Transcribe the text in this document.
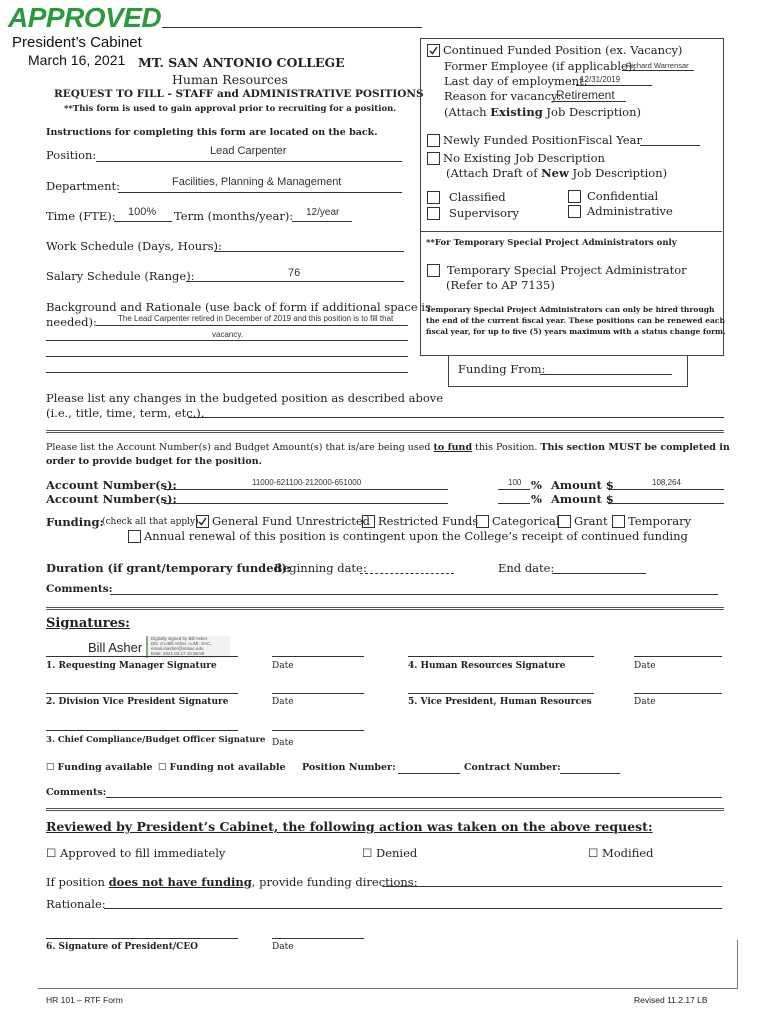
APPROVED
President’s Cabinet
March 16, 2021 MT. SAN ANTONIO COLLEGE
Human Resources
REQUEST TO FILL - STAFF and ADMINISTRATIVE POSITIONS
**This form is used to gain approval prior to recruiting for a position.
Instructions for completing this form are located on the back.
Position:	Lead Carpenter
Department:	Facilities, Planning & Management
Time (FTE): 100% Term (months/year): 12/year
Work Schedule (Days, Hours):
Salary Schedule (Range):	76
Background and Rationale (use back of form if additional space is
needed):	The Lead Carpenter retired in December of 2019 and this position is to fill that
vacancy.
Continued Funded Position (ex. Vacancy)
Former Employee (if applicable):
Richard Warrensar
Last day of employment:
12/31/2019
Reason for vacancy:
Retirement
(Attach Existing Job Description)
Newly Funded Position Fiscal Year
No Existing Job Description
(Attach Draft of New Job Description)
Classified
Supervisory
Confidential
Administrative
**For Temporary Special Project Administrators only
Temporary Special Project Administrator
(Refer to AP 7135)
Temporary Special Project Administrators can only be hired through
the end of the current fiscal year. These positions can be renewed each
fiscal year, for up to five (5) years maximum with a status change form.
Funding From:
Please list any changes in the budgeted position as described above
(i.e., title, time, term, etc.).
Please list the Account Number(s) and Budget Amount(s) that is/are being used to fund this Position. This section MUST be completed in
order to provide budget for the position.
Account Number(s):	11000-621100-212000-651000	100 % Amount $	108,264
Account Number(s):	% Amount $
Funding:
(check all that apply)	General Fund Unrestricted Restricted Funds	Categorical	Grant	Temporary
Annual renewal of this position is contingent upon the College’s receipt of continued funding
Duration (if grant/temporary funded):
Beginning date:	End date:
Comments:
Signatures:
Bill Asher
Digitally signed by Bill Asher
DN: cn=Bill Asher, o=Mt. SAC,
email=basher@mtsac.edu
Date: 2021.03.17 10:36:58
1. Requesting Manager Signature	Date	4. Human Resources Signature	Date
2. Division Vice President Signature	Date	5. Vice President, Human Resources	Date
3. Chief Compliance/Budget Officer Signature Date
☐ Funding available ☐ Funding not available Position Number:	Contract Number:
Comments:
Reviewed by President’s Cabinet, the following action was taken on the above request:
☐ Approved to fill immediately	☐ Denied	☐ Modified
If position does not have funding, provide funding directions:
Rationale:
6. Signature of President/CEO	Date
HR 101 – RTF Form	Revised 11.2.17 LB
